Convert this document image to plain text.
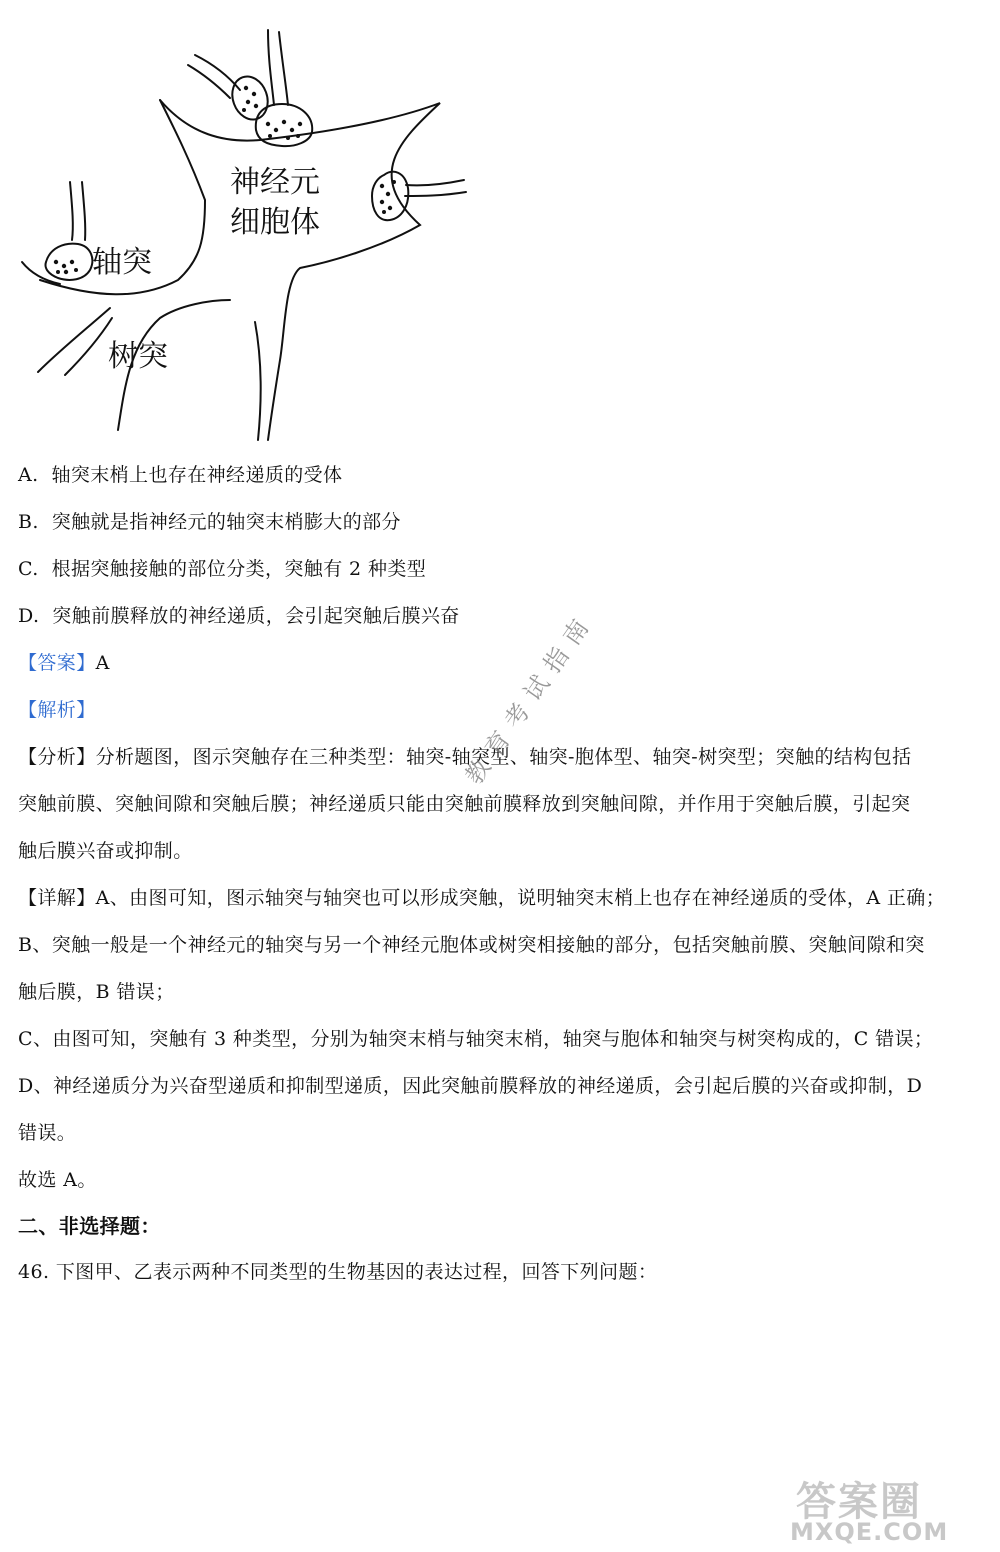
神经元
细胞体
轴突
树突
A. 轴突末梢上也存在神经递质的受体
B. 突触就是指神经元的轴突末梢膨大的部分
C. 根据突触接触的部位分类，突触有 2 种类型
D. 突触前膜释放的神经递质，会引起突触后膜兴奋
【答案】A
【解析】
【分析】分析题图，图示突触存在三种类型：轴突-轴突型、轴突-胞体型、轴突-树突型；突触的结构包括
突触前膜、突触间隙和突触后膜；神经递质只能由突触前膜释放到突触间隙，并作用于突触后膜，引起突
触后膜兴奋或抑制。
【详解】A、由图可知，图示轴突与轴突也可以形成突触，说明轴突末梢上也存在神经递质的受体，A 正确；
B、突触一般是一个神经元的轴突与另一个神经元胞体或树突相接触的部分，包括突触前膜、突触间隙和突
触后膜，B 错误；
C、由图可知，突触有 3 种类型，分别为轴突末梢与轴突末梢，轴突与胞体和轴突与树突构成的，C 错误；
D、神经递质分为兴奋型递质和抑制型递质，因此突触前膜释放的神经递质，会引起后膜的兴奋或抑制，D
错误。
故选 A。
二、非选择题：
46. 下图甲、乙表示两种不同类型的生物基因的表达过程，回答下列问题：
教育考试指南
答案圈
MXQE.COM
